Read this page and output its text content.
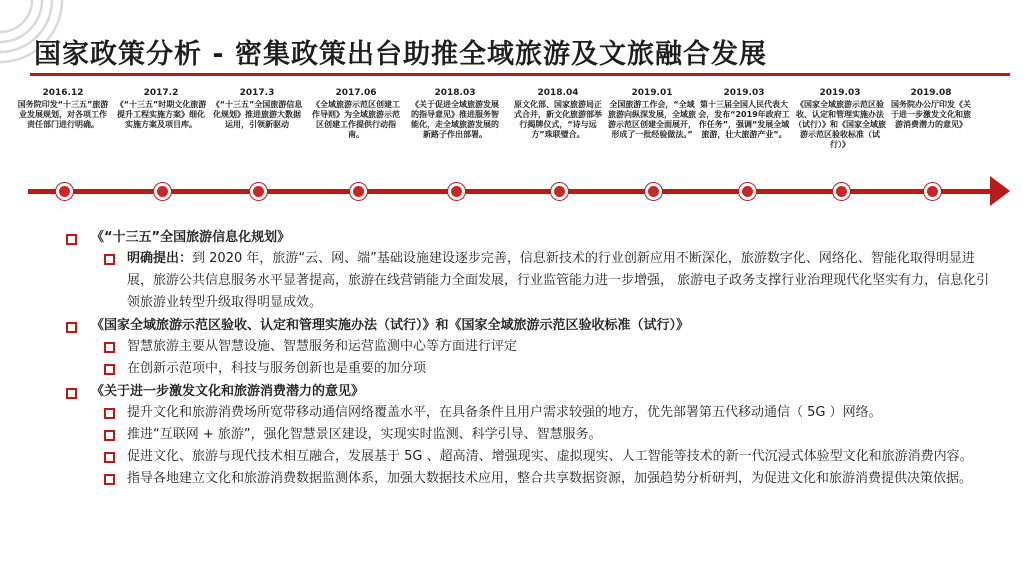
国家政策分析 - 密集政策出台助推全域旅游及文旅融合发展
2016.12
国务院印发“十三五”旅游业发展规划，对各项工作责任部门进行明确。
2017.2
《“十三五”时期文化旅游提升工程实施方案》细化实施方案及项目库。
2017.3
《“十三五”全国旅游信息化规划》推进旅游大数据运用，引领新驱动
2017.06
《全域旅游示范区创建工作导则》为全域旅游示范区创建工作提供行动指南。
2018.03
《关于促进全域旅游发展的指导意见》推进服务智能化，走全域旅游发展的新路子作出部署。
2018.04
原文化部、国家旅游局正式合并，新文化旅游部举行揭牌仪式，“诗与远方”珠联璧合。
2019.01
全国旅游工作会，“全域旅游向纵深发展，全域旅游示范区创建全面展开，形成了一批经验做法。”
2019.03
第十三届全国人民代表大会，发布“2019年政府工作任务”，强调“发展全域旅游，壮大旅游产业”。
2019.03
《国家全域旅游示范区验收、认定和管理实施办法（试行）》和《国家全域旅游示范区验收标准（试行）》
2019.08
国务院办公厅印发《关于进一步激发文化和旅游消费潜力的意见》
《“十三五”全国旅游信息化规划》
明确提出：到 2020 年，旅游“云、网、端”基础设施建设逐步完善，信息新技术的行业创新应用不断深化，旅游数字化、网络化、智能化取得明显进展，旅游公共信息服务水平显著提高，旅游在线营销能力全面发展，行业监管能力进一步增强， 旅游电子政务支撑行业治理现代化坚实有力，信息化引领旅游业转型升级取得明显成效。
《国家全域旅游示范区验收、认定和管理实施办法（试行）》和《国家全域旅游示范区验收标准（试行）》
智慧旅游主要从智慧设施、智慧服务和运营监测中心等方面进行评定
在创新示范项中，科技与服务创新也是重要的加分项
《关于进一步激发文化和旅游消费潜力的意见》
提升文化和旅游消费场所宽带移动通信网络覆盖水平，在具备条件且用户需求较强的地方，优先部署第五代移动通信（ 5G ）网络。
推进“互联网 + 旅游”，强化智慧景区建设，实现实时监测、科学引导、智慧服务。
促进文化、旅游与现代技术相互融合，发展基于 5G 、超高清、增强现实、虚拟现实、人工智能等技术的新一代沉浸式体验型文化和旅游消费内容。
指导各地建立文化和旅游消费数据监测体系，加强大数据技术应用，整合共享数据资源，加强趋势分析研判，为促进文化和旅游消费提供决策依据。
